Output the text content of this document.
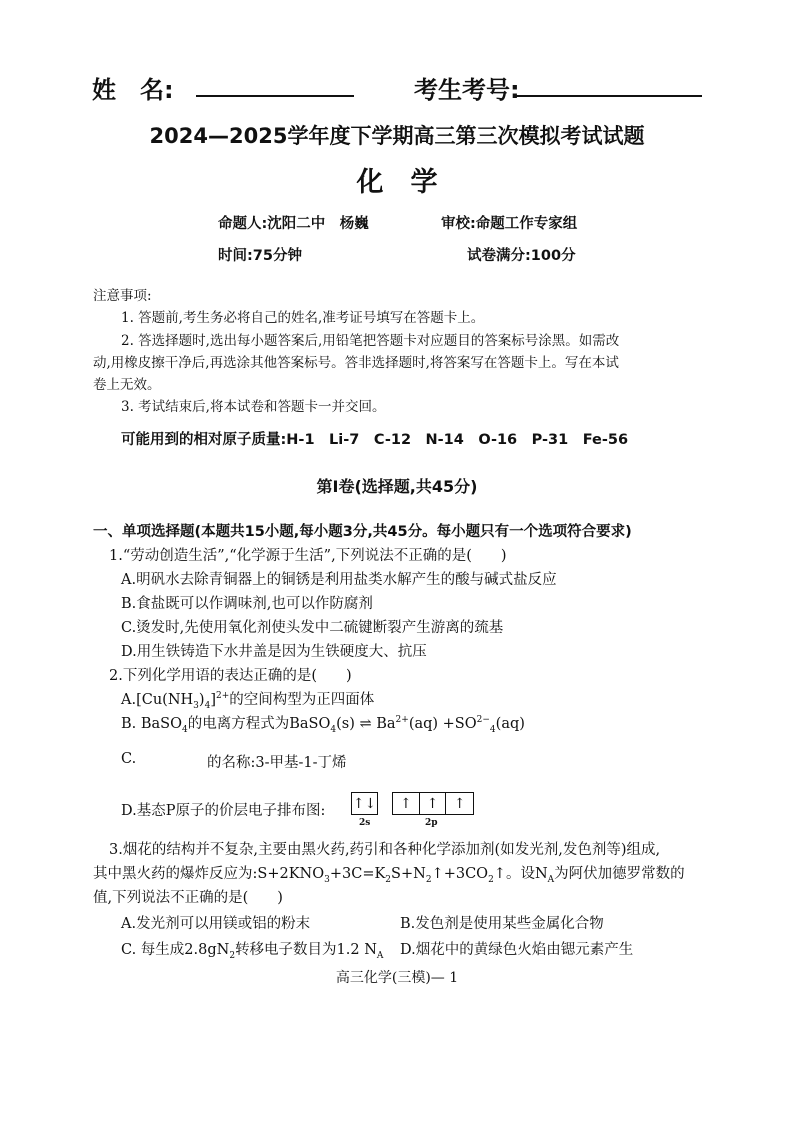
姓　名:	考生考号:
2024—2025学年度下学期高三第三次模拟考试试题
化　学
命题人:沈阳二中　杨巍	审校:命题工作专家组
时间:75分钟	试卷满分:100分
注意事项:
1. 答题前,考生务必将自己的姓名,准考证号填写在答题卡上。
2. 答选择题时,选出每小题答案后,用铅笔把答题卡对应题目的答案标号涂黑。如需改
动,用橡皮擦干净后,再选涂其他答案标号。答非选择题时,将答案写在答题卡上。写在本试
卷上无效。
3. 考试结束后,将本试卷和答题卡一并交回。
可能用到的相对原子质量:H-1　Li-7　C-12　N-14　O-16　P-31　Fe-56
第I卷(选择题,共45分)
一、单项选择题(本题共15小题,每小题3分,共45分。每小题只有一个选项符合要求)
1.“劳动创造生活”,“化学源于生活”,下列说法不正确的是(　　)
A.明矾水去除青铜器上的铜锈是利用盐类水解产生的酸与碱式盐反应
B.食盐既可以作调味剂,也可以作防腐剂
C.烫发时,先使用氧化剂使头发中二硫键断裂产生游离的巯基
D.用生铁铸造下水井盖是因为生铁硬度大、抗压
2.下列化学用语的表达正确的是(　　)
$A.[Cu(NH_3)_4]^{2+}$的空间构型为正四面体
B. BaSO$_4$的电离方程式为BaSO$_4$(s) ⇌ $Ba^{2+}(aq) +SO^{2-}_4(aq)$
C.	的名称:3-甲基-1-丁烯
D.基态P原子的价层电子排布图: ↑↓	↑	↑	↑
2s	2p
3.烟花的结构并不复杂,主要由黑火药,药引和各种化学添加剂(如发光剂,发色剂等)组成,
其中黑火药的爆炸反应为$:S+2KNO_3+3C=K_2S+N_2↑+3CO_2↑$。设$N_A$为阿伏加德罗常数的
值,下列说法不正确的是(　　)
A.发光剂可以用镁或铝的粉末	B.发色剂是使用某些金属化合物
C. 每生成$2.8gN_2$转移电子数目为1.2 $N_A$ D.烟花中的黄绿色火焰由锶元素产生
高三化学(三模)— 1
